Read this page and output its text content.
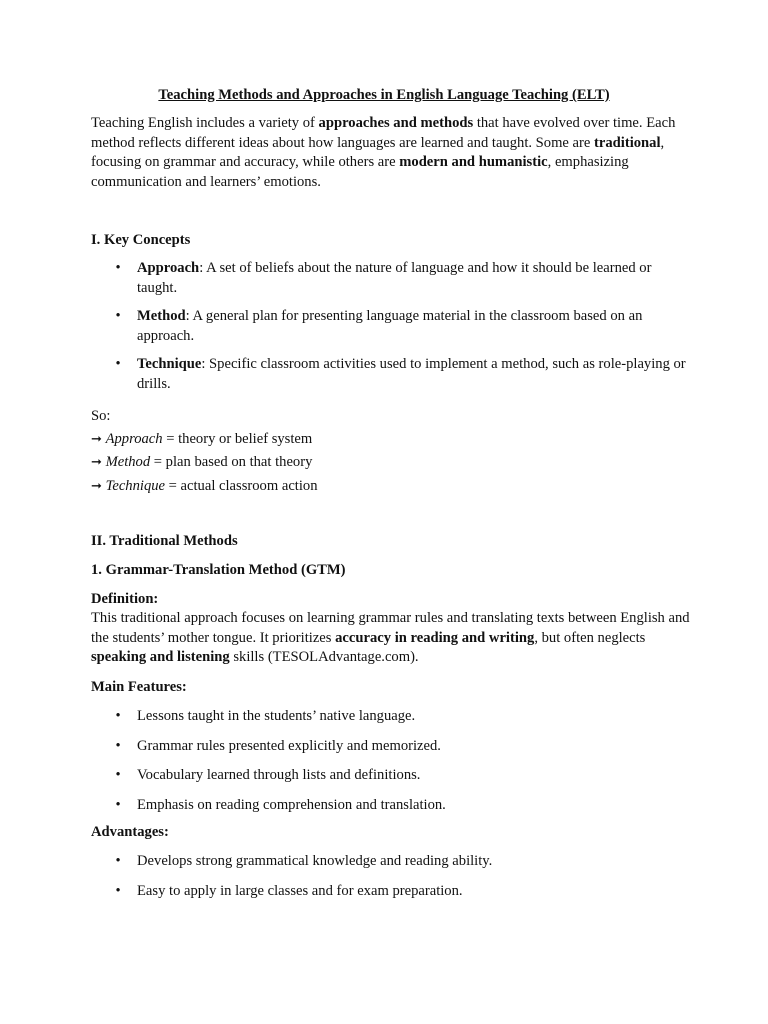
Teaching Methods and Approaches in English Language Teaching (ELT)
Teaching English includes a variety of approaches and methods that have evolved over time. Each method reflects different ideas about how languages are learned and taught. Some are traditional, focusing on grammar and accuracy, while others are modern and humanistic, emphasizing communication and learners’ emotions.
I. Key Concepts
• Approach: A set of beliefs about the nature of language and how it should be learned or taught.
• Method: A general plan for presenting language material in the classroom based on an approach.
• Technique: Specific classroom activities used to implement a method, such as role-playing or drills.
So:
➞ Approach = theory or belief system
➞ Method = plan based on that theory
➞ Technique = actual classroom action
II. Traditional Methods
1. Grammar-Translation Method (GTM)
Definition:
This traditional approach focuses on learning grammar rules and translating texts between English and the students’ mother tongue. It prioritizes accuracy in reading and writing, but often neglects speaking and listening skills (TESOLAdvantage.com).
Main Features:
• Lessons taught in the students’ native language.
• Grammar rules presented explicitly and memorized.
• Vocabulary learned through lists and definitions.
• Emphasis on reading comprehension and translation.
Advantages:
• Develops strong grammatical knowledge and reading ability.
• Easy to apply in large classes and for exam preparation.
